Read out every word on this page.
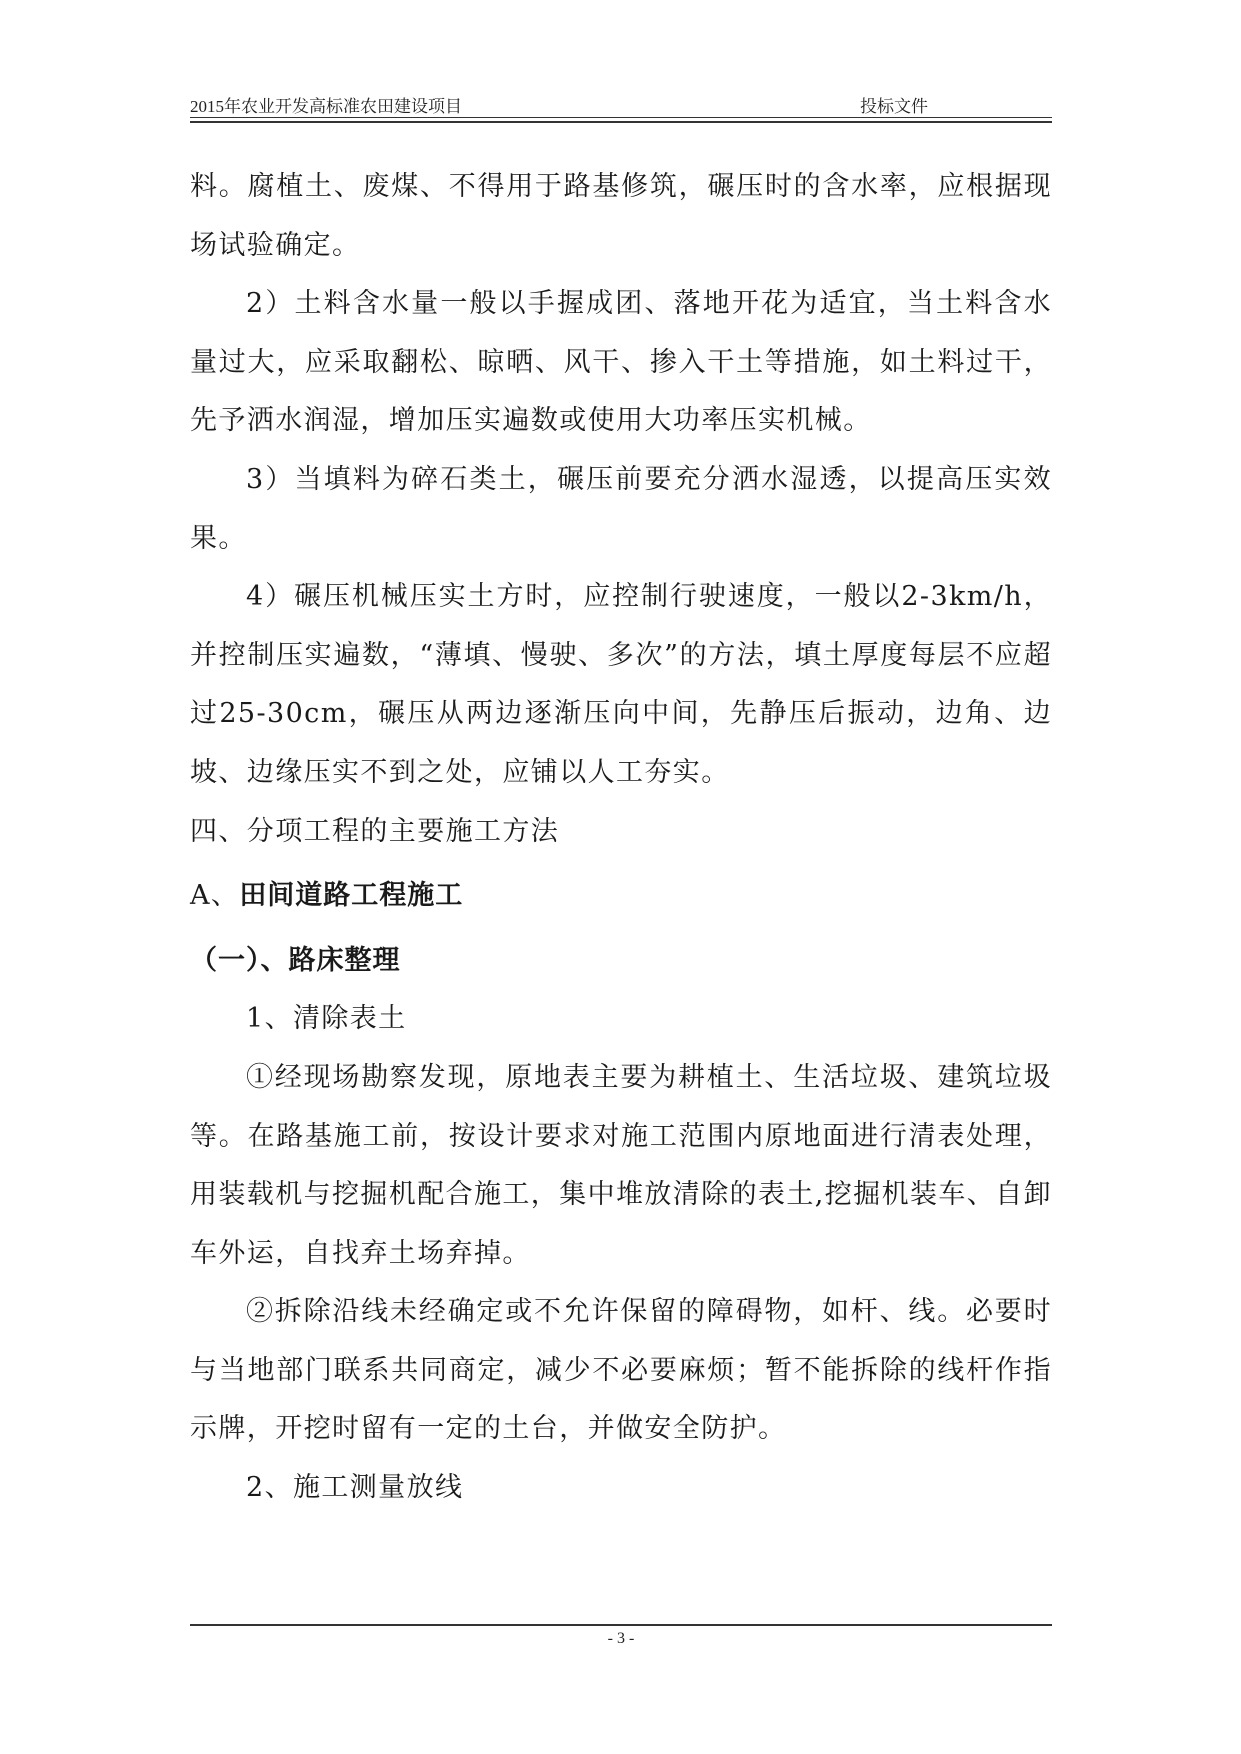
2015年农业开发高标准农田建设项目	投标文件

料。腐植土、废煤、不得用于路基修筑，碾压时的含水率，应根据现场试验确定。

2）土料含水量一般以手握成团、落地开花为适宜，当土料含水量过大，应采取翻松、晾晒、风干、掺入干土等措施，如土料过干，先予洒水润湿，增加压实遍数或使用大功率压实机械。

3）当填料为碎石类土，碾压前要充分洒水湿透，以提高压实效果。

4）碾压机械压实土方时，应控制行驶速度，一般以2-3km/h，并控制压实遍数，“薄填、慢驶、多次”的方法，填土厚度每层不应超过25-30cm，碾压从两边逐渐压向中间，先静压后振动，边角、边坡、边缘压实不到之处，应铺以人工夯实。

四、分项工程的主要施工方法

A、田间道路工程施工

（一）、路床整理

1、清除表土

①经现场勘察发现，原地表主要为耕植土、生活垃圾、建筑垃圾等。在路基施工前，按设计要求对施工范围内原地面进行清表处理，用装载机与挖掘机配合施工，集中堆放清除的表土,挖掘机装车、自卸车外运，自找弃土场弃掉。

②拆除沿线未经确定或不允许保留的障碍物，如杆、线。必要时与当地部门联系共同商定，减少不必要麻烦；暂不能拆除的线杆作指示牌，开挖时留有一定的土台，并做安全防护。

2、施工测量放线

- 3 -
